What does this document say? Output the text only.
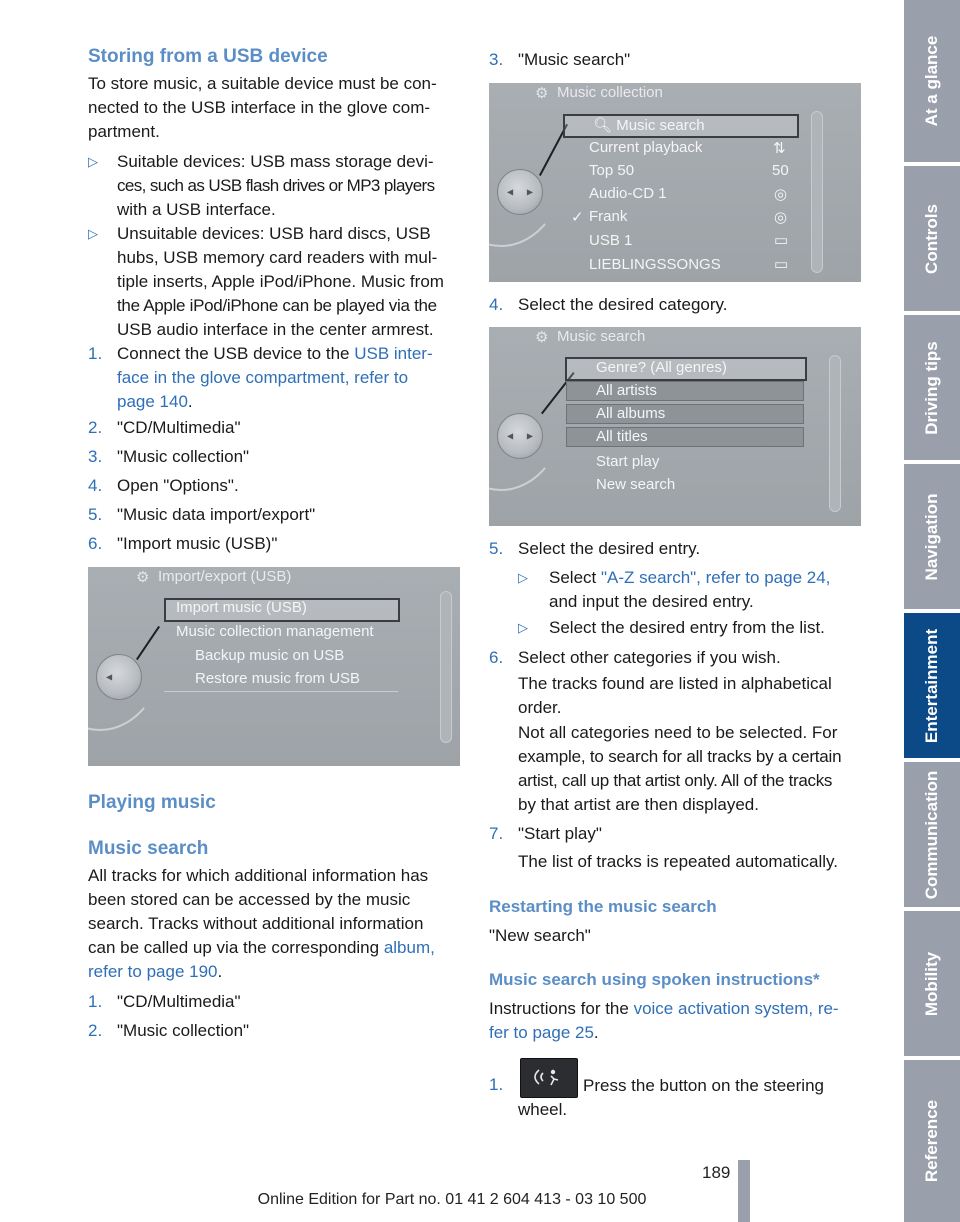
Storing from a USB device
To store music, a suitable device must be con-
nected to the USB interface in the glove com-
partment.
▷ Suitable devices: USB mass storage devi-
ces, such as USB flash drives or MP3 players
with a USB interface.
▷ Unsuitable devices: USB hard discs, USB
hubs, USB memory card readers with mul-
tiple inserts, Apple iPod/iPhone. Music from
the Apple iPod/iPhone can be played via the
USB audio interface in the center armrest.
1. Connect the USB device to the USB inter-
face in the glove compartment, refer to
page 140.
2. "CD/Multimedia"
3. "Music collection"
4. Open "Options".
5. "Music data import/export"
6. "Import music (USB)"
⚙ Import/export (USB)
◀
Import music (USB)
Music collection management
Backup music on USB
Restore music from USB
Playing music
Music search
All tracks for which additional information has
been stored can be accessed by the music
search. Tracks without additional information
can be called up via the corresponding album,
refer to page 190.
1. "CD/Multimedia"
2. "Music collection"
3. "Music search"
⚙ Music collection
◀ ▶
🔍︎ Music search
Current playback	⇅
Top 50	50
Audio-CD 1	◎
✓ Frank	◎
USB 1	▭
LIEBLINGSSONGS	▭
4. Select the desired category.
⚙ Music search
◀ ▶
Genre? (All genres)
All artists
All albums
All titles
Start play
New search
5. Select the desired entry.
▷ Select "A-Z search", refer to page 24,
and input the desired entry.
▷ Select the desired entry from the list.
6. Select other categories if you wish.
The tracks found are listed in alphabetical
order.
Not all categories need to be selected. For
example, to search for all tracks by a certain
artist, call up that artist only. All of the tracks
by that artist are then displayed.
7. "Start play"
The list of tracks is repeated automatically.
Restarting the music search
"New search"
Music search using spoken instructions*
Instructions for the voice activation system, re-
fer to page 25.
1.	Press the button on the steering
wheel.
At a glance
Controls
Driving tips
Navigation
Entertainment
Communication
Mobility
Reference
189
Online Edition for Part no. 01 41 2 604 413 - 03 10 500
